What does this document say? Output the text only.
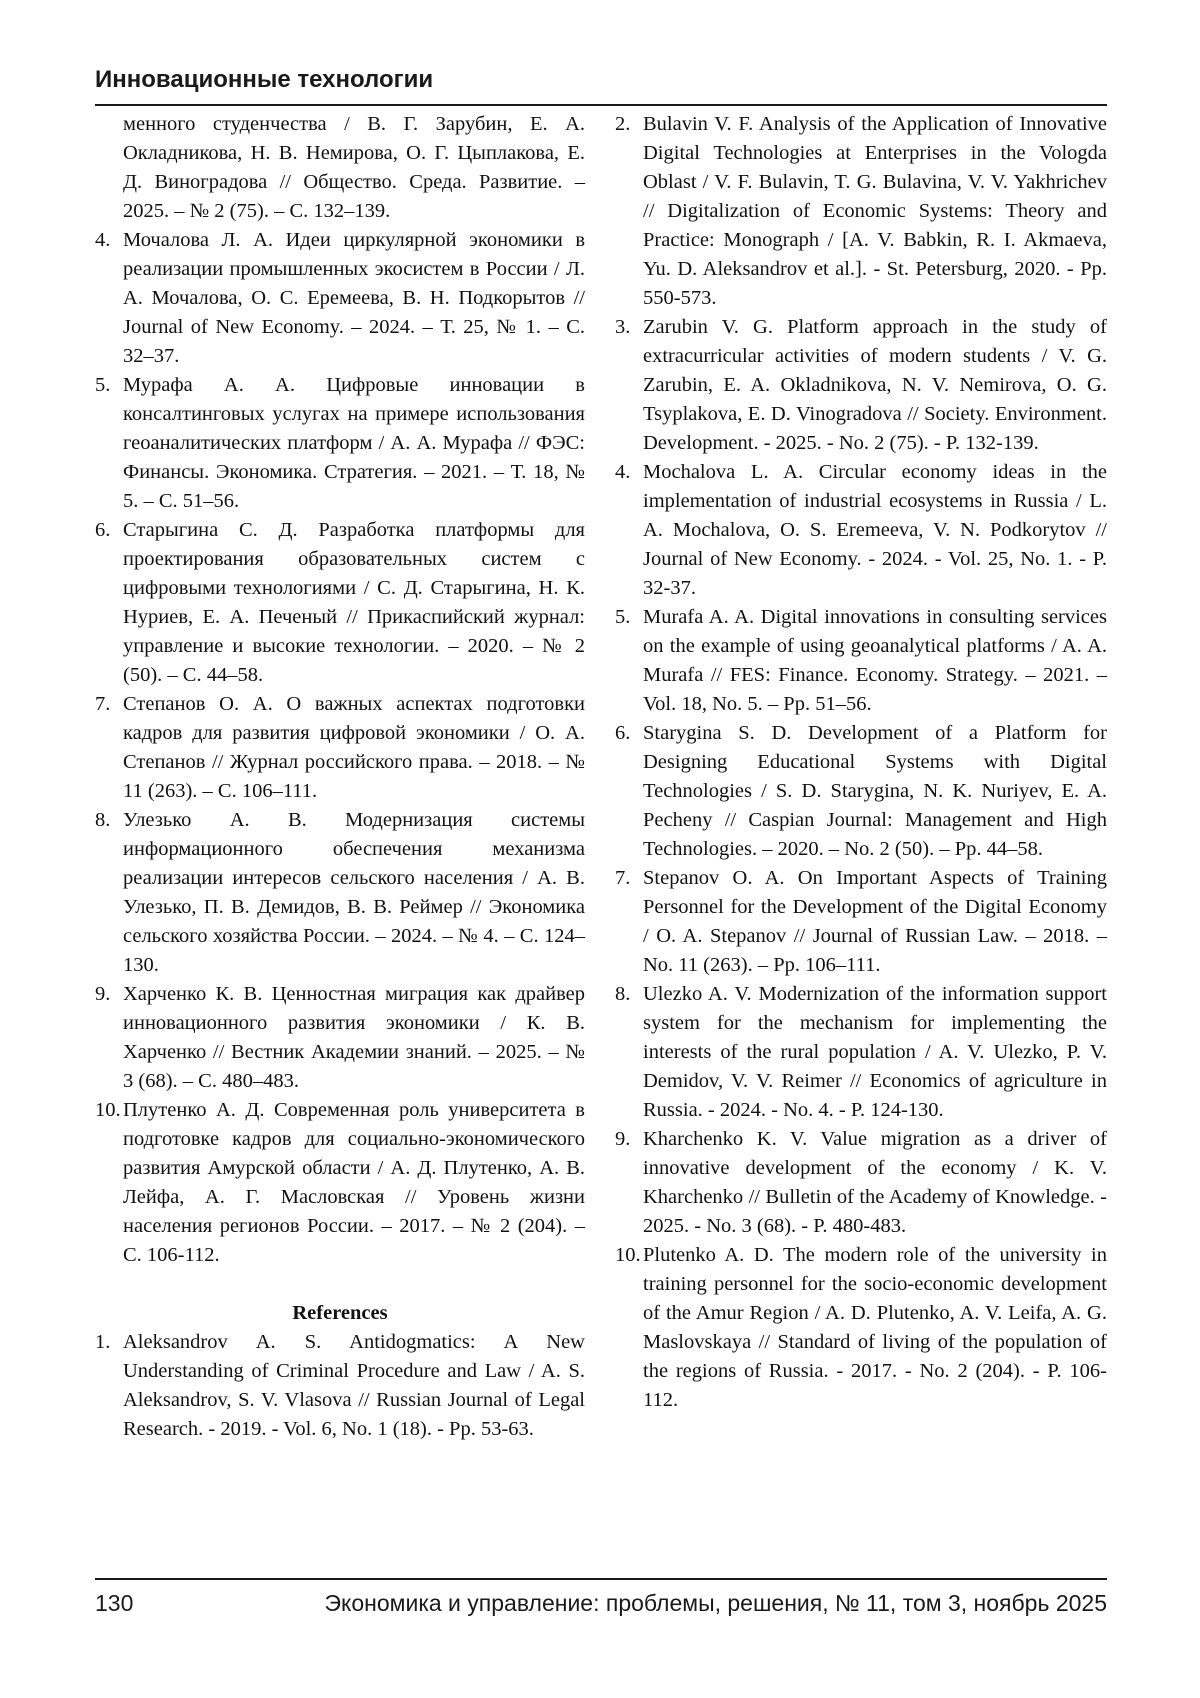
Инновационные технологии

менного студенчества / В. Г. Зарубин, Е. А. Окладникова, Н. В. Немирова, О. Г. Цыплакова, Е. Д. Виноградова // Общество. Среда. Развитие. – 2025. – № 2 (75). – С. 132–139.

4. Мочалова Л. А. Идеи циркулярной экономики в реализации промышленных экосистем в России / Л. А. Мочалова, О. С. Еремеева, В. Н. Подкорытов // Journal of New Economy. – 2024. – Т. 25, № 1. – С. 32–37.
5. Мурафа А. А. Цифровые инновации в консалтинговых услугах на примере использования геоаналитических платформ / А. А. Мурафа // ФЭС: Финансы. Экономика. Стратегия. – 2021. – Т. 18, № 5. – С. 51–56.
6. Старыгина С. Д. Разработка платформы для проектирования образовательных систем с цифровыми технологиями / С. Д. Старыгина, Н. К. Нуриев, Е. А. Печеный // Прикаспийский журнал: управление и высокие технологии. – 2020. – № 2 (50). – С. 44–58.
7. Степанов О. А. О важных аспектах подготовки кадров для развития цифровой экономики / О. А. Степанов // Журнал российского права. – 2018. – № 11 (263). – С. 106–111.
8. Улезько А. В. Модернизация системы информационного обеспечения механизма реализации интересов сельского населения / А. В. Улезько, П. В. Демидов, В. В. Реймер // Экономика сельского хозяйства России. – 2024. – № 4. – С. 124–130.
9. Харченко К. В. Ценностная миграция как драйвер инновационного развития экономики / К. В. Харченко // Вестник Академии знаний. – 2025. – № 3 (68). – С. 480–483.
10. Плутенко А. Д. Современная роль университета в подготовке кадров для социально-экономического развития Амурской области / А. Д. Плутенко, А. В. Лейфа, А. Г. Масловская // Уровень жизни населения регионов России. – 2017. – № 2 (204). – С. 106-112.

References

1. Aleksandrov A. S. Antidogmatics: A New Understanding of Criminal Procedure and Law / A. S. Aleksandrov, S. V. Vlasova // Russian Journal of Legal Research. - 2019. - Vol. 6, No. 1 (18). - Pp. 53-63.
2. Bulavin V. F. Analysis of the Application of Innovative Digital Technologies at Enterprises in the Vologda Oblast / V. F. Bulavin, T. G. Bulavina, V. V. Yakhrichev // Digitalization of Economic Systems: Theory and Practice: Monograph / [A. V. Babkin, R. I. Akmaeva, Yu. D. Aleksandrov et al.]. - St. Petersburg, 2020. - Pp. 550-573.
3. Zarubin V. G. Platform approach in the study of extracurricular activities of modern students / V. G. Zarubin, E. A. Okladnikova, N. V. Nemirova, O. G. Tsyplakova, E. D. Vinogradova // Society. Environment. Development. - 2025. - No. 2 (75). - P. 132-139.
4. Mochalova L. A. Circular economy ideas in the implementation of industrial ecosystems in Russia / L. A. Mochalova, O. S. Eremeeva, V. N. Podkorytov // Journal of New Economy. - 2024. - Vol. 25, No. 1. - P. 32-37.
5. Murafa A. A. Digital innovations in consulting services on the example of using geoanalytical platforms / A. A. Murafa // FES: Finance. Economy. Strategy. – 2021. – Vol. 18, No. 5. – Pp. 51–56.
6. Starygina S. D. Development of a Platform for Designing Educational Systems with Digital Technologies / S. D. Starygina, N. K. Nuriyev, E. A. Pecheny // Caspian Journal: Management and High Technologies. – 2020. – No. 2 (50). – Pp. 44–58.
7. Stepanov O. A. On Important Aspects of Training Personnel for the Development of the Digital Economy / O. A. Stepanov // Journal of Russian Law. – 2018. – No. 11 (263). – Pp. 106–111.
8. Ulezko A. V. Modernization of the information support system for the mechanism for implementing the interests of the rural population / A. V. Ulezko, P. V. Demidov, V. V. Reimer // Economics of agriculture in Russia. - 2024. - No. 4. - P. 124-130.
9. Kharchenko K. V. Value migration as a driver of innovative development of the economy / K. V. Kharchenko // Bulletin of the Academy of Knowledge. - 2025. - No. 3 (68). - P. 480-483.
10. Plutenko A. D. The modern role of the university in training personnel for the socio-economic development of the Amur Region / A. D. Plutenko, A. V. Leifa, A. G. Maslovskaya // Standard of living of the population of the regions of Russia. - 2017. - No. 2 (204). - P. 106-112.
130	Экономика и управление: проблемы, решения, № 11, том 3, ноябрь 2025
